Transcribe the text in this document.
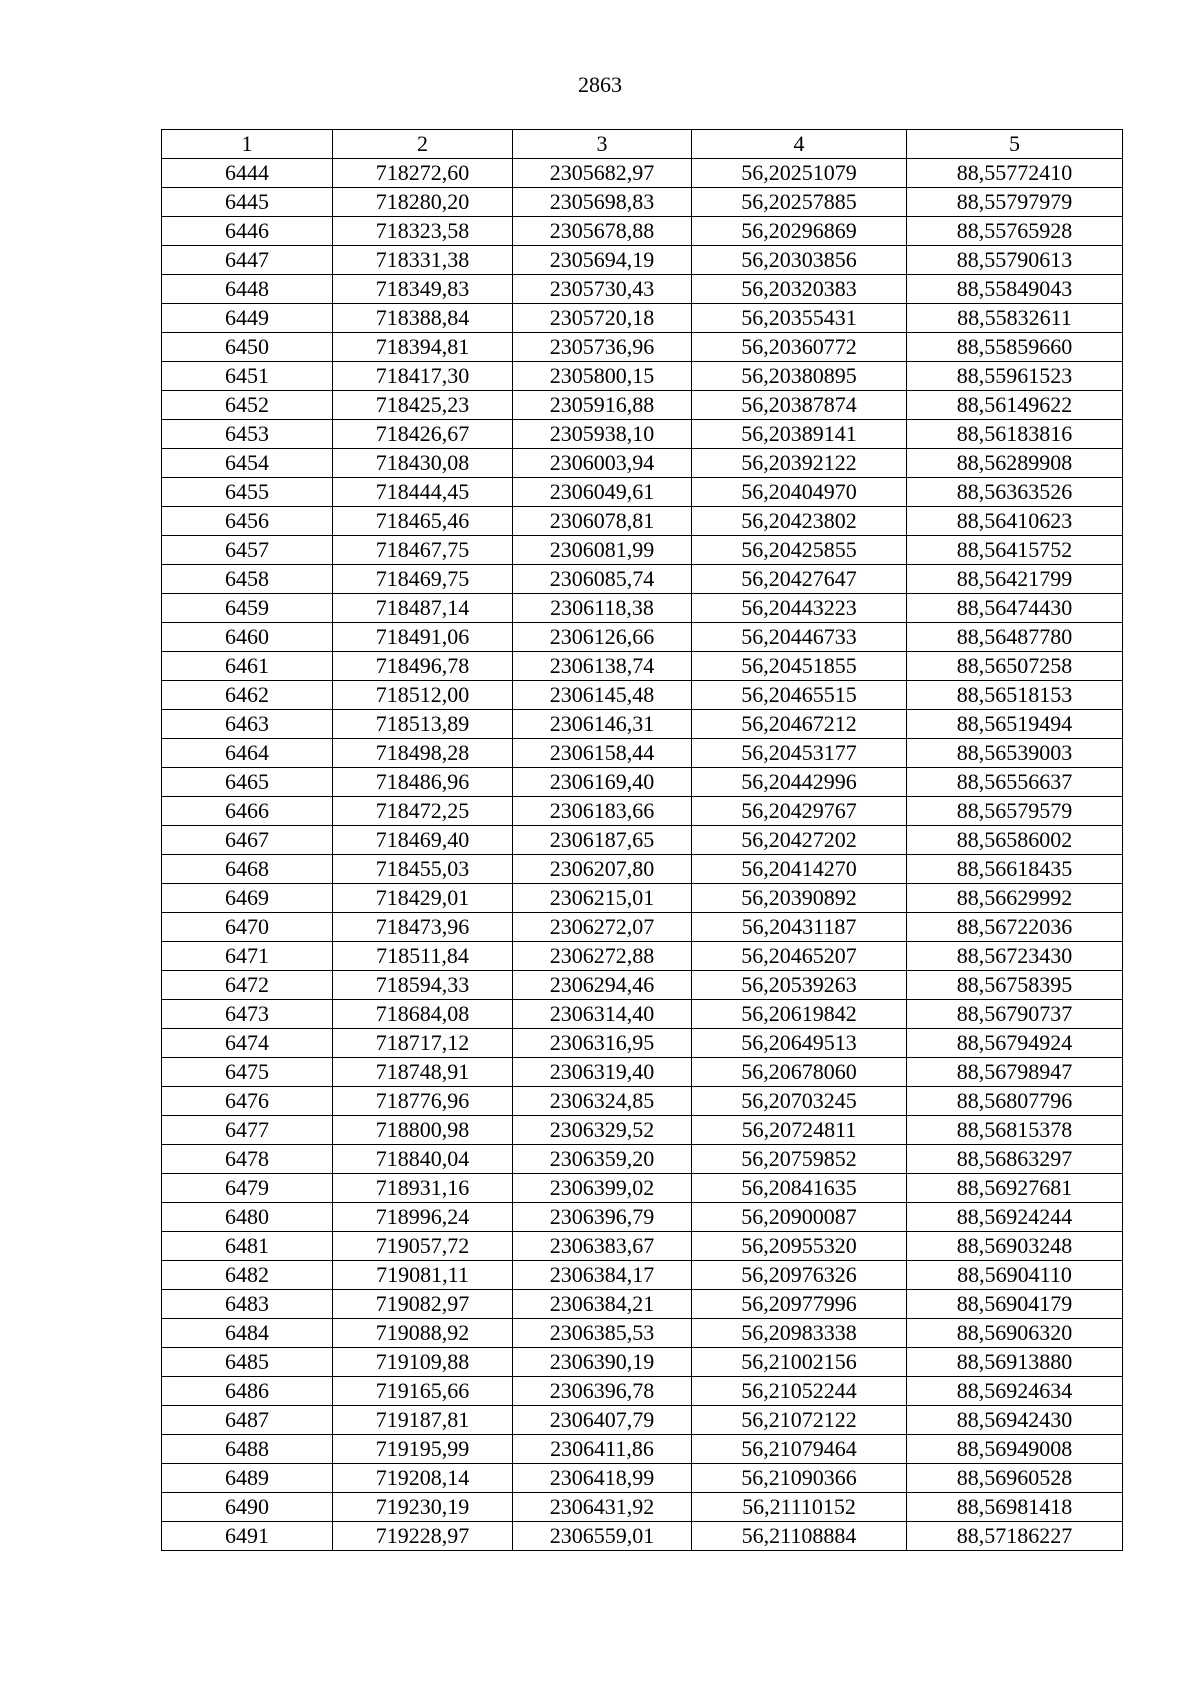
2863
1	2	3	4	5
6444	718272,60	2305682,97	56,20251079	88,55772410
6445	718280,20	2305698,83	56,20257885	88,55797979
6446	718323,58	2305678,88	56,20296869	88,55765928
6447	718331,38	2305694,19	56,20303856	88,55790613
6448	718349,83	2305730,43	56,20320383	88,55849043
6449	718388,84	2305720,18	56,20355431	88,55832611
6450	718394,81	2305736,96	56,20360772	88,55859660
6451	718417,30	2305800,15	56,20380895	88,55961523
6452	718425,23	2305916,88	56,20387874	88,56149622
6453	718426,67	2305938,10	56,20389141	88,56183816
6454	718430,08	2306003,94	56,20392122	88,56289908
6455	718444,45	2306049,61	56,20404970	88,56363526
6456	718465,46	2306078,81	56,20423802	88,56410623
6457	718467,75	2306081,99	56,20425855	88,56415752
6458	718469,75	2306085,74	56,20427647	88,56421799
6459	718487,14	2306118,38	56,20443223	88,56474430
6460	718491,06	2306126,66	56,20446733	88,56487780
6461	718496,78	2306138,74	56,20451855	88,56507258
6462	718512,00	2306145,48	56,20465515	88,56518153
6463	718513,89	2306146,31	56,20467212	88,56519494
6464	718498,28	2306158,44	56,20453177	88,56539003
6465	718486,96	2306169,40	56,20442996	88,56556637
6466	718472,25	2306183,66	56,20429767	88,56579579
6467	718469,40	2306187,65	56,20427202	88,56586002
6468	718455,03	2306207,80	56,20414270	88,56618435
6469	718429,01	2306215,01	56,20390892	88,56629992
6470	718473,96	2306272,07	56,20431187	88,56722036
6471	718511,84	2306272,88	56,20465207	88,56723430
6472	718594,33	2306294,46	56,20539263	88,56758395
6473	718684,08	2306314,40	56,20619842	88,56790737
6474	718717,12	2306316,95	56,20649513	88,56794924
6475	718748,91	2306319,40	56,20678060	88,56798947
6476	718776,96	2306324,85	56,20703245	88,56807796
6477	718800,98	2306329,52	56,20724811	88,56815378
6478	718840,04	2306359,20	56,20759852	88,56863297
6479	718931,16	2306399,02	56,20841635	88,56927681
6480	718996,24	2306396,79	56,20900087	88,56924244
6481	719057,72	2306383,67	56,20955320	88,56903248
6482	719081,11	2306384,17	56,20976326	88,56904110
6483	719082,97	2306384,21	56,20977996	88,56904179
6484	719088,92	2306385,53	56,20983338	88,56906320
6485	719109,88	2306390,19	56,21002156	88,56913880
6486	719165,66	2306396,78	56,21052244	88,56924634
6487	719187,81	2306407,79	56,21072122	88,56942430
6488	719195,99	2306411,86	56,21079464	88,56949008
6489	719208,14	2306418,99	56,21090366	88,56960528
6490	719230,19	2306431,92	56,21110152	88,56981418
6491	719228,97	2306559,01	56,21108884	88,57186227
